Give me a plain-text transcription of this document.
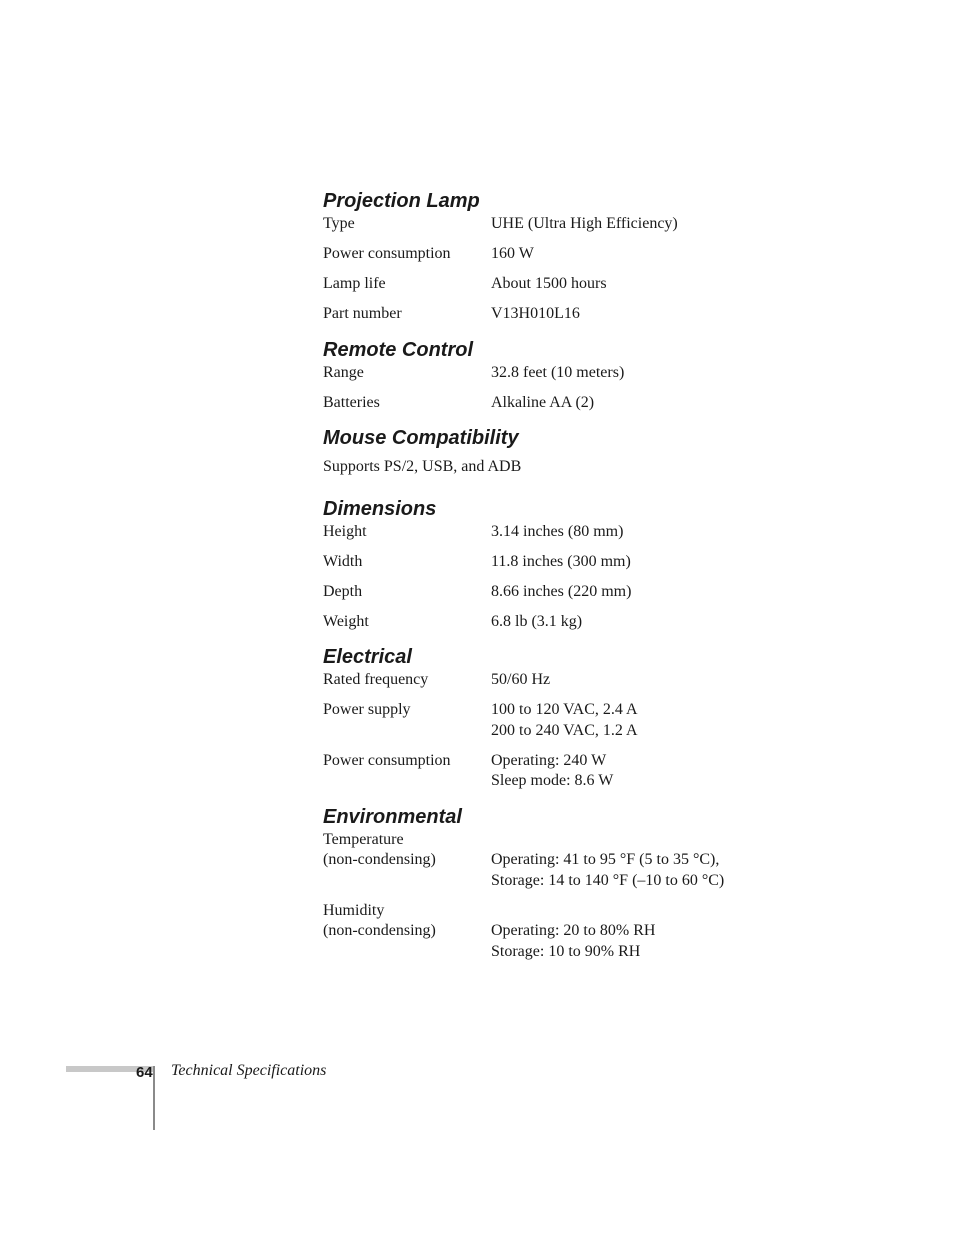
Projection Lamp
Type	UHE (Ultra High Efficiency)
Power consumption	160 W
Lamp life	About 1500 hours
Part number	V13H010L16
Remote Control
Range	32.8 feet (10 meters)
Batteries	Alkaline AA (2)
Mouse Compatibility

Supports PS/2, USB, and ADB

Dimensions
Height	3.14 inches (80 mm)
Width	11.8 inches (300 mm)
Depth	8.66 inches (220 mm)
Weight	6.8 lb (3.1 kg)
Electrical
Rated frequency	50/60 Hz
Power supply	100 to 120 VAC, 2.4 A
200 to 240 VAC, 1.2 A
Power consumption	Operating: 240 W
Sleep mode: 8.6 W
Environmental
Temperature
(non-condensing)	Operating: 41 to 95 °F (5 to 35 °C),
Storage: 14 to 140 °F (–10 to 60 °C)
Humidity
(non-condensing)	Operating: 20 to 80% RH
Storage: 10 to 90% RH
64 Technical Specifications
